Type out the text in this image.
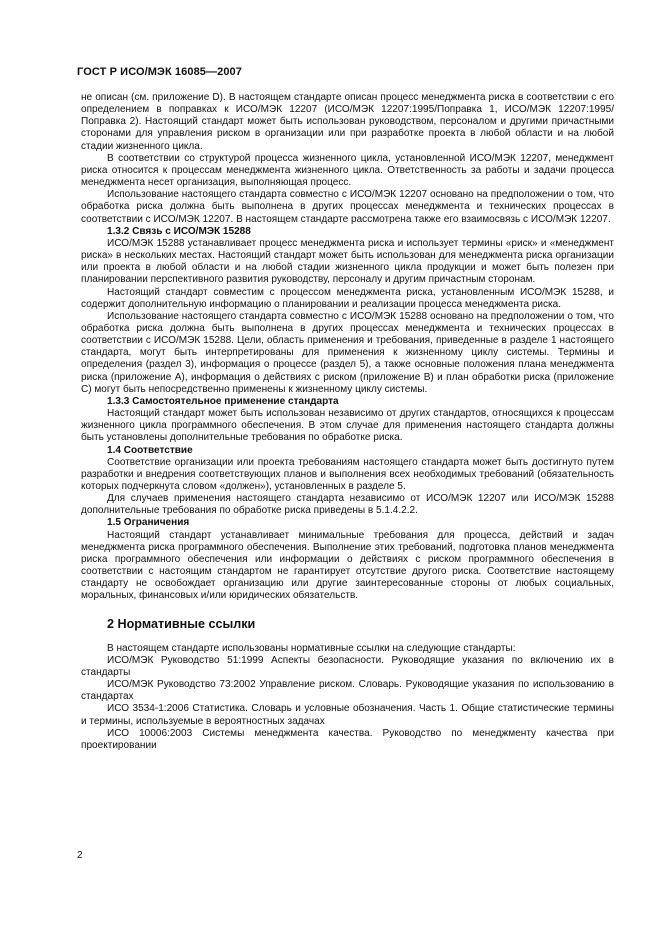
ГОСТ Р ИСО/МЭК 16085—2007

не описан (см. приложение D). В настоящем стандарте описан процесс менеджмента риска в соответствии с его определением в поправках к ИСО/МЭК 12207 (ИСО/МЭК 12207:1995/Поправка 1, ИСО/МЭК 12207:1995/Поправка 2). Настоящий стандарт может быть использован руководством, персоналом и другими причастными сторонами для управления риском в организации или при разработке проекта в любой области и на любой стадии жизненного цикла.

В соответствии со структурой процесса жизненного цикла, установленной ИСО/МЭК 12207, менеджмент риска относится к процессам менеджмента жизненного цикла. Ответственность за работы и задачи процесса менеджмента несет организация, выполняющая процесс.

Использование настоящего стандарта совместно с ИСО/МЭК 12207 основано на предположении о том, что обработка риска должна быть выполнена в других процессах менеджмента и технических процессах в соответствии с ИСО/МЭК 12207. В настоящем стандарте рассмотрена также его взаимосвязь с ИСО/МЭК 12207.

1.3.2 Связь с ИСО/МЭК 15288

ИСО/МЭК 15288 устанавливает процесс менеджмента риска и использует термины «риск» и «менеджмент риска» в нескольких местах. Настоящий стандарт может быть использован для менеджмента риска организации или проекта в любой области и на любой стадии жизненного цикла продукции и может быть полезен при планировании перспективного развития руководству, персоналу и другим причастным сторонам.

Настоящий стандарт совместим с процессом менеджмента риска, установленным ИСО/МЭК 15288, и содержит дополнительную информацию о планировании и реализации процесса менеджмента риска.

Использование настоящего стандарта совместно с ИСО/МЭК 15288 основано на предположении о том, что обработка риска должна быть выполнена в других процессах менеджмента и технических процессах в соответствии с ИСО/МЭК 15288. Цели, область применения и требования, приведенные в разделе 1 настоящего стандарта, могут быть интерпретированы для применения к жизненному циклу системы. Термины и определения (раздел 3), информация о процессе (раздел 5), а также основные положения плана менеджмента риска (приложение А), информация о действиях с риском (приложение В) и план обработки риска (приложение С) могут быть непосредственно применены к жизненному циклу системы.

1.3.3 Самостоятельное применение стандарта

Настоящий стандарт может быть использован независимо от других стандартов, относящихся к процессам жизненного цикла программного обеспечения. В этом случае для применения настоящего стандарта должны быть установлены дополнительные требования по обработке риска.

1.4 Соответствие

Соответствие организации или проекта требованиям настоящего стандарта может быть достигнуто путем разработки и внедрения соответствующих планов и выполнения всех необходимых требований (обязательность которых подчеркнута словом «должен»), установленных в разделе 5.

Для случаев применения настоящего стандарта независимо от ИСО/МЭК 12207 или ИСО/МЭК 15288 дополнительные требования по обработке риска приведены в 5.1.4.2.2.

1.5 Ограничения

Настоящий стандарт устанавливает минимальные требования для процесса, действий и задач менеджмента риска программного обеспечения. Выполнение этих требований, подготовка планов менеджмента риска программного обеспечения или информации о действиях с риском программного обеспечения в соответствии с настоящим стандартом не гарантирует отсутствие другого риска. Соответствие настоящему стандарту не освобождает организацию или другие заинтересованные стороны от любых социальных, моральных, финансовых и/или юридических обязательств.

2 Нормативные ссылки

В настоящем стандарте использованы нормативные ссылки на следующие стандарты:

ИСО/МЭК Руководство 51:1999 Аспекты безопасности. Руководящие указания по включению их в стандарты

ИСО/МЭК Руководство 73:2002 Управление риском. Словарь. Руководящие указания по использованию в стандартах

ИСО 3534-1:2006 Статистика. Словарь и условные обозначения. Часть 1. Общие статистические термины и термины, используемые в вероятностных задачах

ИСО 10006:2003 Системы менеджмента качества. Руководство по менеджменту качества при проектировании

2
